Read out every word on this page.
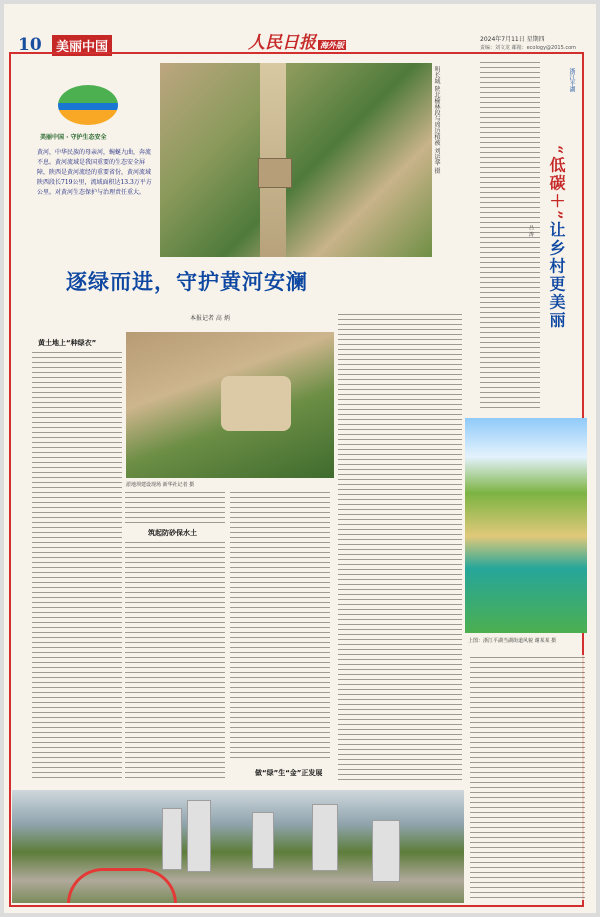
10	美丽中国	人民日报 海外版
2024年7月11日 星期四
责编：刘文龙 邮箱：ecology@2015.com
美丽中国 · 守护生态安全
黄河，中华民族的母亲河，蜿蜒九曲，奔流不息。黄河流域是我国重要的生态安全屏障，陕西是黄河流经的重要省份，黄河流域陕西段长719公里，流域面积达13.3万平方公里。对黄河生态保护与治理责任重大。
明长城 陕北榆林段与周边植被 刘运华 摄
逐绿而进，守护黄河安澜
本报记者 高 炳
黄土地上“种绿衣”
淤地坝建设现场 新华社记者 摄
筑起防砂保水土
做“绿”生“金”正发展
浙江平湖
“低碳＋”让乡村更美丽
吕 涛
上图：浙江平湖当湖街道风貌 谢某某 摄
